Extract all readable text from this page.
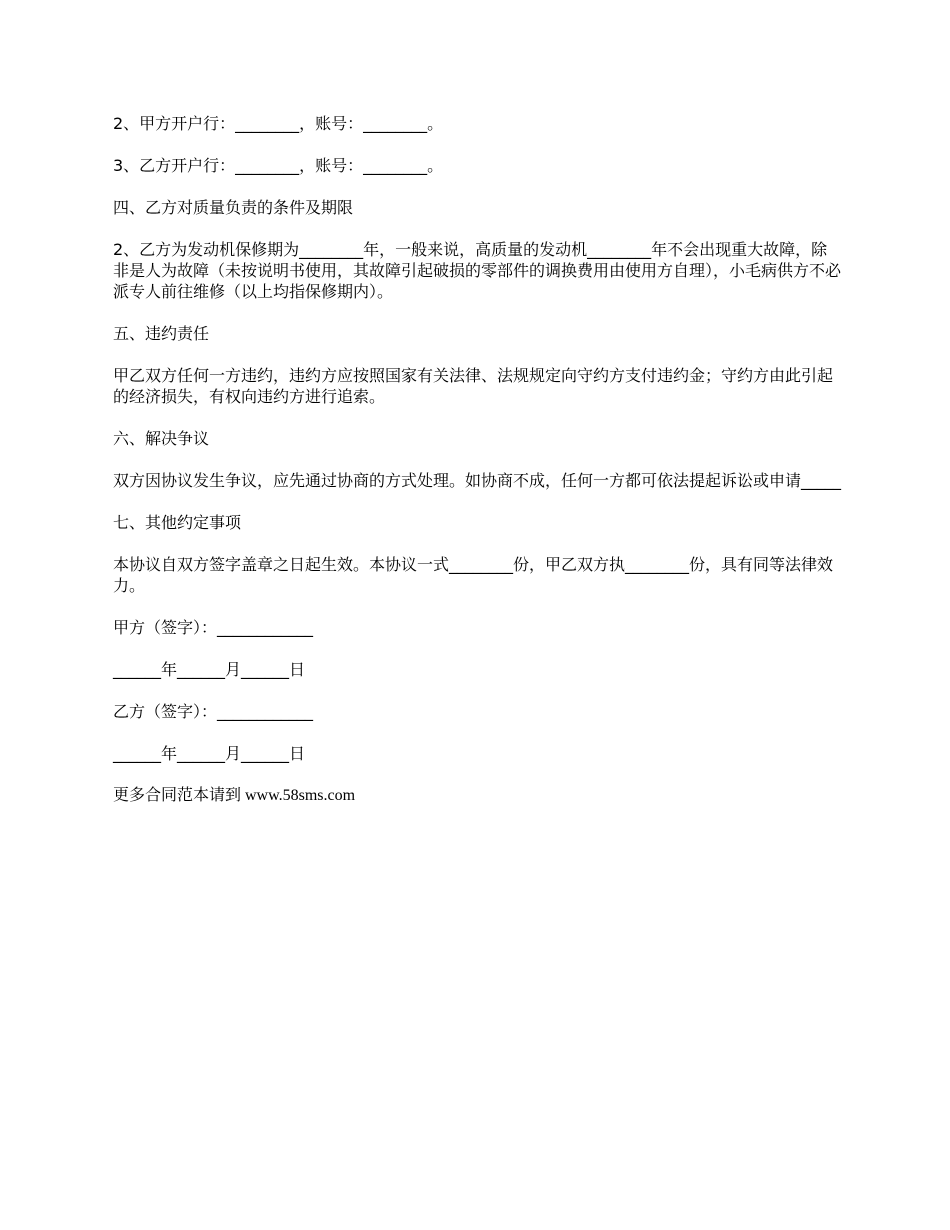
2、甲方开户行：________，账号：________。

3、乙方开户行：________，账号：________。

四、乙方对质量负责的条件及期限

2、乙方为发动机保修期为________年，一般来说，高质量的发动机________年不会出现重大故障，除非是人为故障（未按说明书使用，其故障引起破损的零部件的调换费用由使用方自理），小毛病供方不必派专人前往维修（以上均指保修期内）。

五、违约责任

甲乙双方任何一方违约，违约方应按照国家有关法律、法规规定向守约方支付违约金；守约方由此引起的经济损失，有权向违约方进行追索。

六、解决争议

双方因协议发生争议，应先通过协商的方式处理。如协商不成，任何一方都可依法提起诉讼或申请_____

七、其他约定事项

本协议自双方签字盖章之日起生效。本协议一式________份，甲乙双方执________份，具有同等法律效力。

甲方（签字）：____________

______年______月______日

乙方（签字）：____________

______年______月______日

更多合同范本请到 www.58sms.com
